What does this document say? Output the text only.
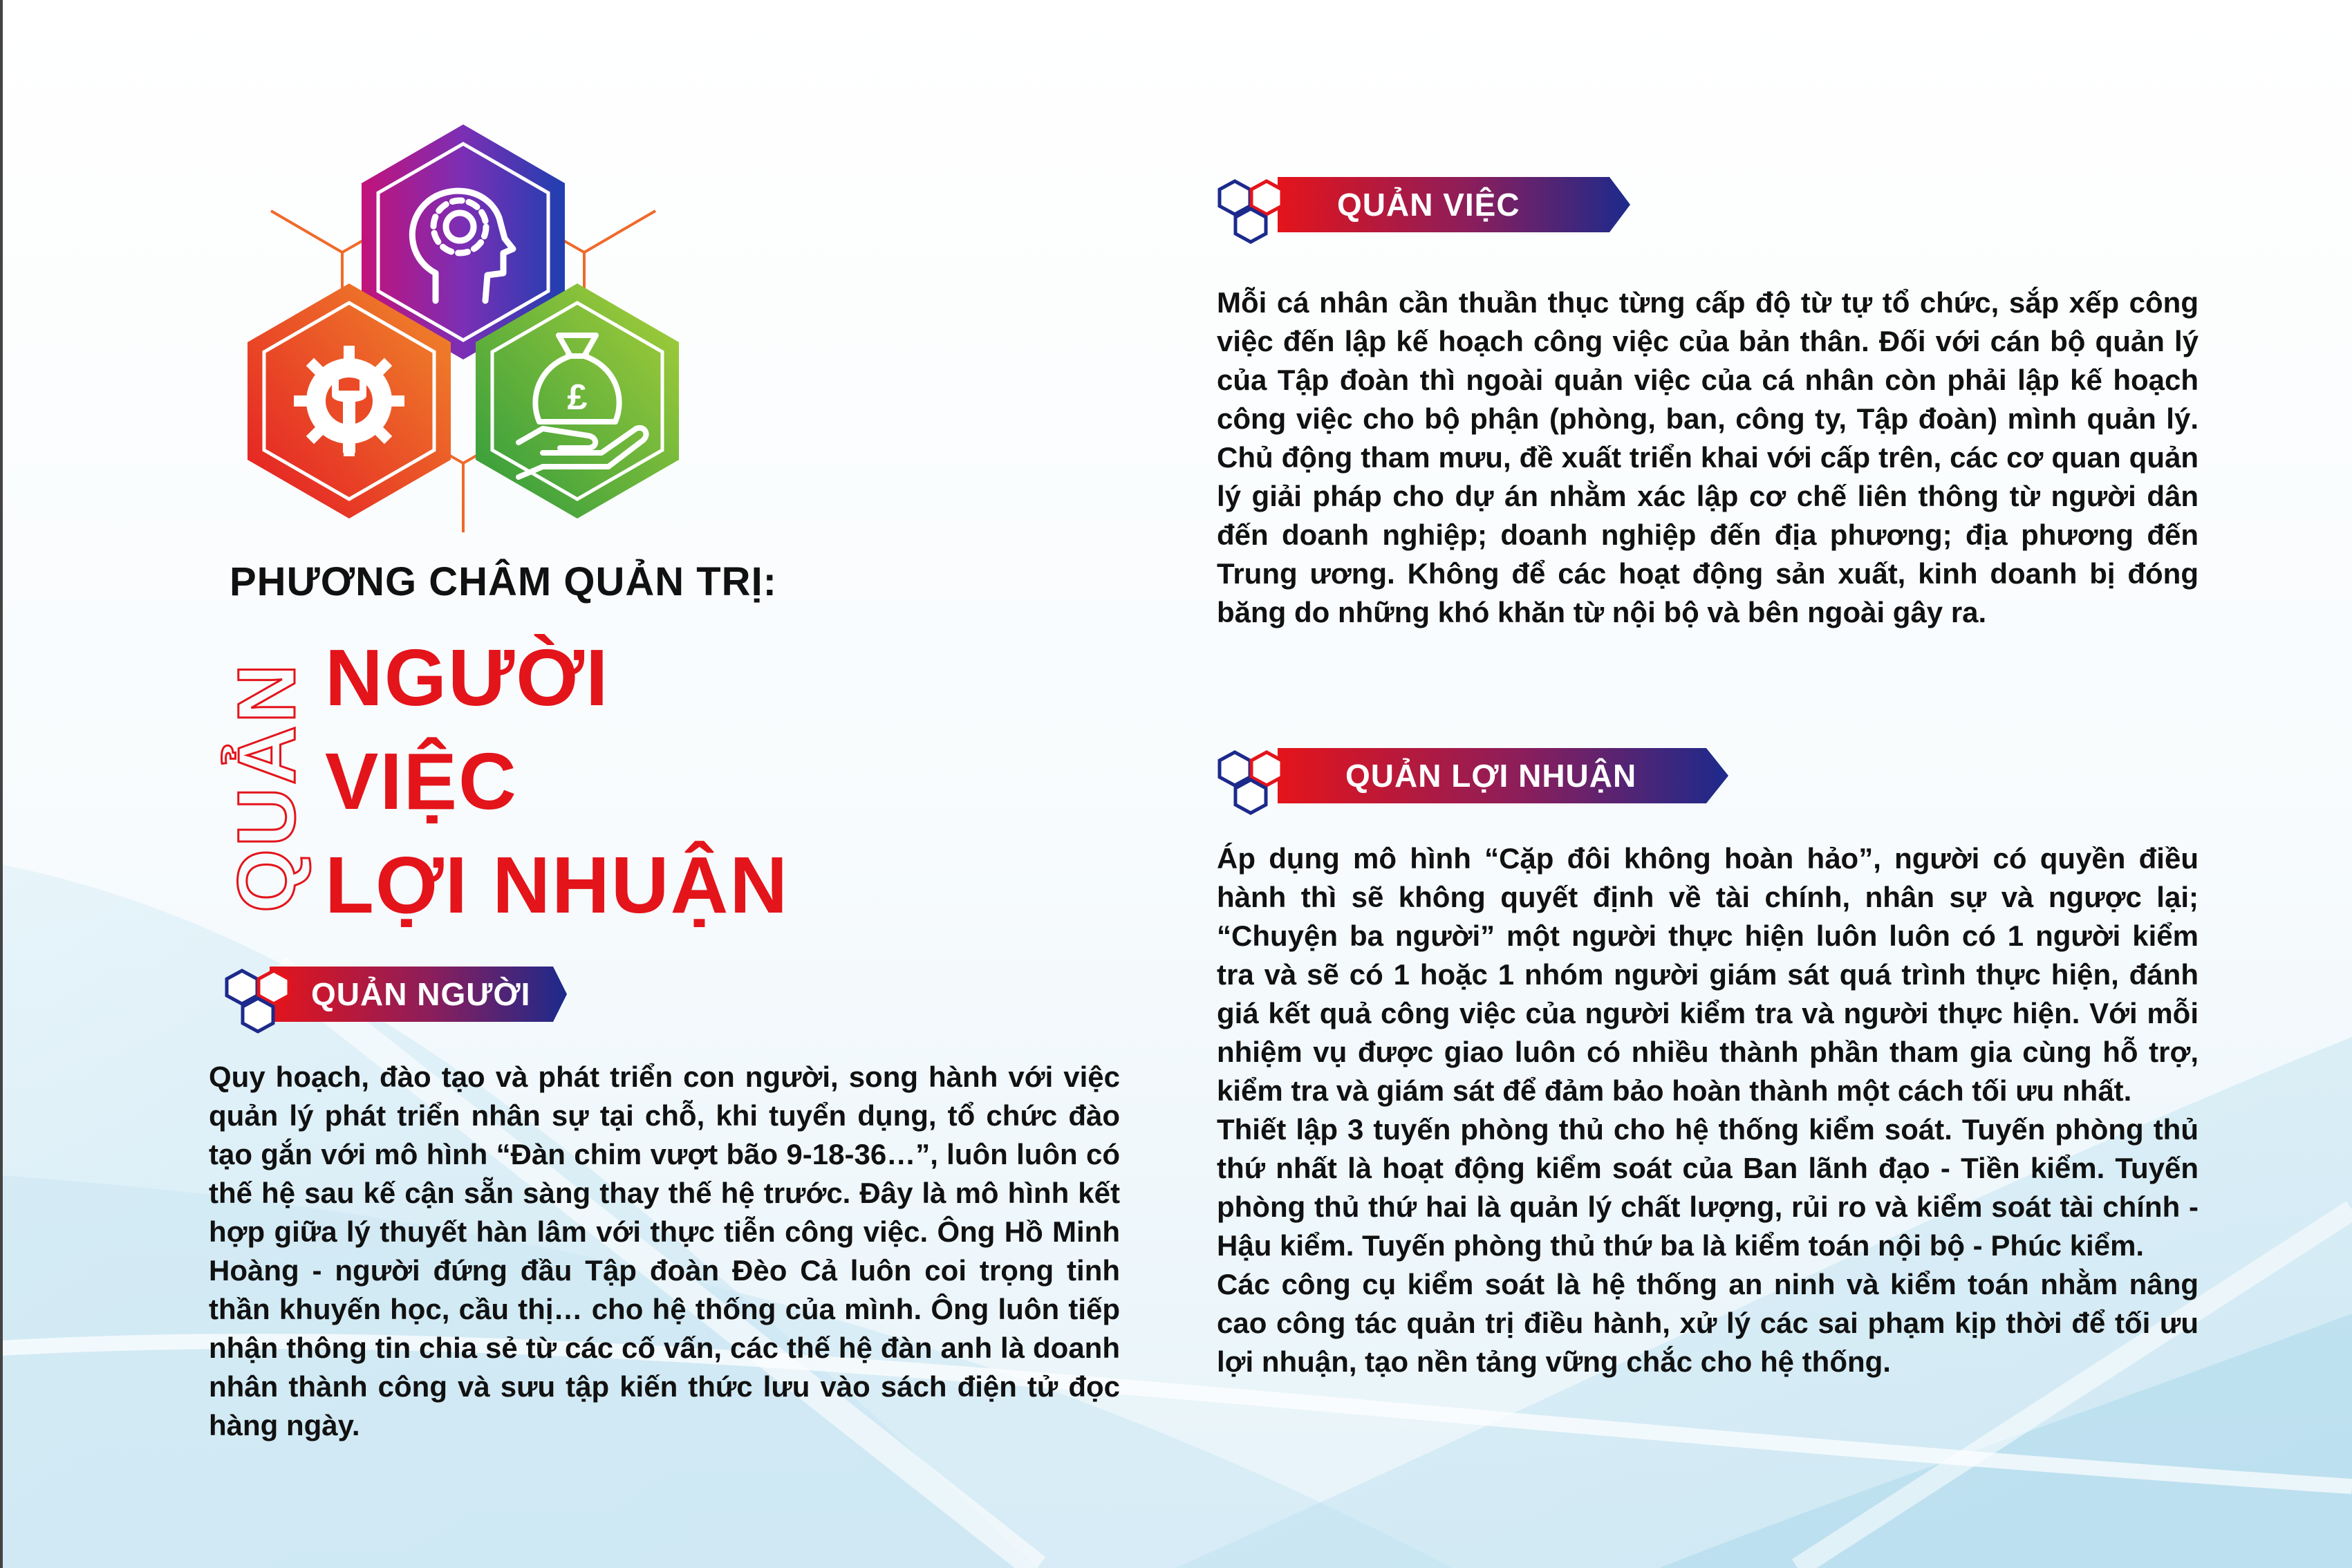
£
PHƯƠNG CHÂM QUẢN TRỊ:
QUẢN NGƯỜI
VIỆC
LỢI NHUẬN
QUẢN NGƯỜI

Quy hoạch, đào tạo và phát triển con người, song hành với việc quản lý phát triển nhân sự tại chỗ, khi tuyển dụng, tổ chức đào tạo gắn với mô hình “Đàn chim vượt bão 9-18-36…”, luôn luôn có thế hệ sau kế cận sẵn sàng thay thế hệ trước. Đây là mô hình kết hợp giữa lý thuyết hàn lâm với thực tiễn công việc. Ông Hồ Minh Hoàng - người đứng đầu Tập đoàn Đèo Cả luôn coi trọng tinh thần khuyến học, cầu thị… cho hệ thống của mình. Ông luôn tiếp nhận thông tin chia sẻ từ các cố vấn, các thế hệ đàn anh là doanh nhân thành công và sưu tập kiến thức lưu vào sách điện tử đọc hàng ngày.

QUẢN VIỆC

Mỗi cá nhân cần thuần thục từng cấp độ từ tự tổ chức, sắp xếp công việc đến lập kế hoạch công việc của bản thân. Đối với cán bộ quản lý của Tập đoàn thì ngoài quản việc của cá nhân còn phải lập kế hoạch công việc cho bộ phận (phòng, ban, công ty, Tập đoàn) mình quản lý. Chủ động tham mưu, đề xuất triển khai với cấp trên, các cơ quan quản lý giải pháp cho dự án nhằm xác lập cơ chế liên thông từ người dân đến doanh nghiệp; doanh nghiệp đến địa phương; địa phương đến Trung ương. Không để các hoạt động sản xuất, kinh doanh bị đóng băng do những khó khăn từ nội bộ và bên ngoài gây ra.

QUẢN LỢI NHUẬN

Áp dụng mô hình “Cặp đôi không hoàn hảo”, người có quyền điều hành thì sẽ không quyết định về tài chính, nhân sự và ngược lại; “Chuyện ba người” một người thực hiện luôn luôn có 1 người kiểm tra và sẽ có 1 hoặc 1 nhóm người giám sát quá trình thực hiện, đánh giá kết quả công việc của người kiểm tra và người thực hiện. Với mỗi nhiệm vụ được giao luôn có nhiều thành phần tham gia cùng hỗ trợ, kiểm tra và giám sát để đảm bảo hoàn thành một cách tối ưu nhất.

Thiết lập 3 tuyến phòng thủ cho hệ thống kiểm soát. Tuyến phòng thủ thứ nhất là hoạt động kiểm soát của Ban lãnh đạo - Tiền kiểm. Tuyến phòng thủ thứ hai là quản lý chất lượng, rủi ro và kiểm soát tài chính - Hậu kiểm. Tuyến phòng thủ thứ ba là kiểm toán nội bộ - Phúc kiểm.

Các công cụ kiểm soát là hệ thống an ninh và kiểm toán nhằm nâng cao công tác quản trị điều hành, xử lý các sai phạm kịp thời để tối ưu lợi nhuận, tạo nền tảng vững chắc cho hệ thống.
